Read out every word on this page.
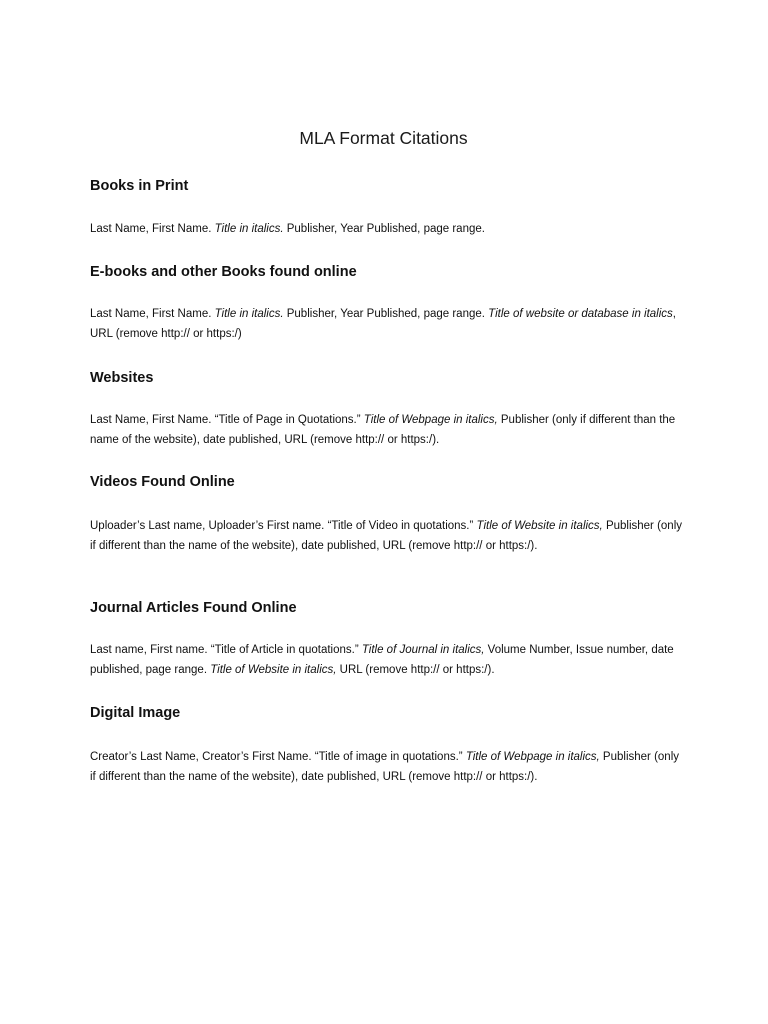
MLA Format Citations
Books in Print

Last Name, First Name. Title in italics. Publisher, Year Published, page range.

E-books and other Books found online

Last Name, First Name. Title in italics. Publisher, Year Published, page range. Title of website or database in italics, URL (remove http:// or https:/)

Websites

Last Name, First Name. “Title of Page in Quotations.” Title of Webpage in italics, Publisher (only if different than the name of the website), date published, URL (remove http:// or https:/).

Videos Found Online

Uploader’s Last name, Uploader’s First name. “Title of Video in quotations.” Title of Website in italics, Publisher (only if different than the name of the website), date published, URL (remove http:// or https:/).

Journal Articles Found Online

Last name, First name. “Title of Article in quotations.” Title of Journal in italics, Volume Number, Issue number, date published, page range. Title of Website in italics, URL (remove http:// or https:/).

Digital Image

Creator’s Last Name, Creator’s First Name. “Title of image in quotations.” Title of Webpage in italics, Publisher (only if different than the name of the website), date published, URL (remove http:// or https:/).
